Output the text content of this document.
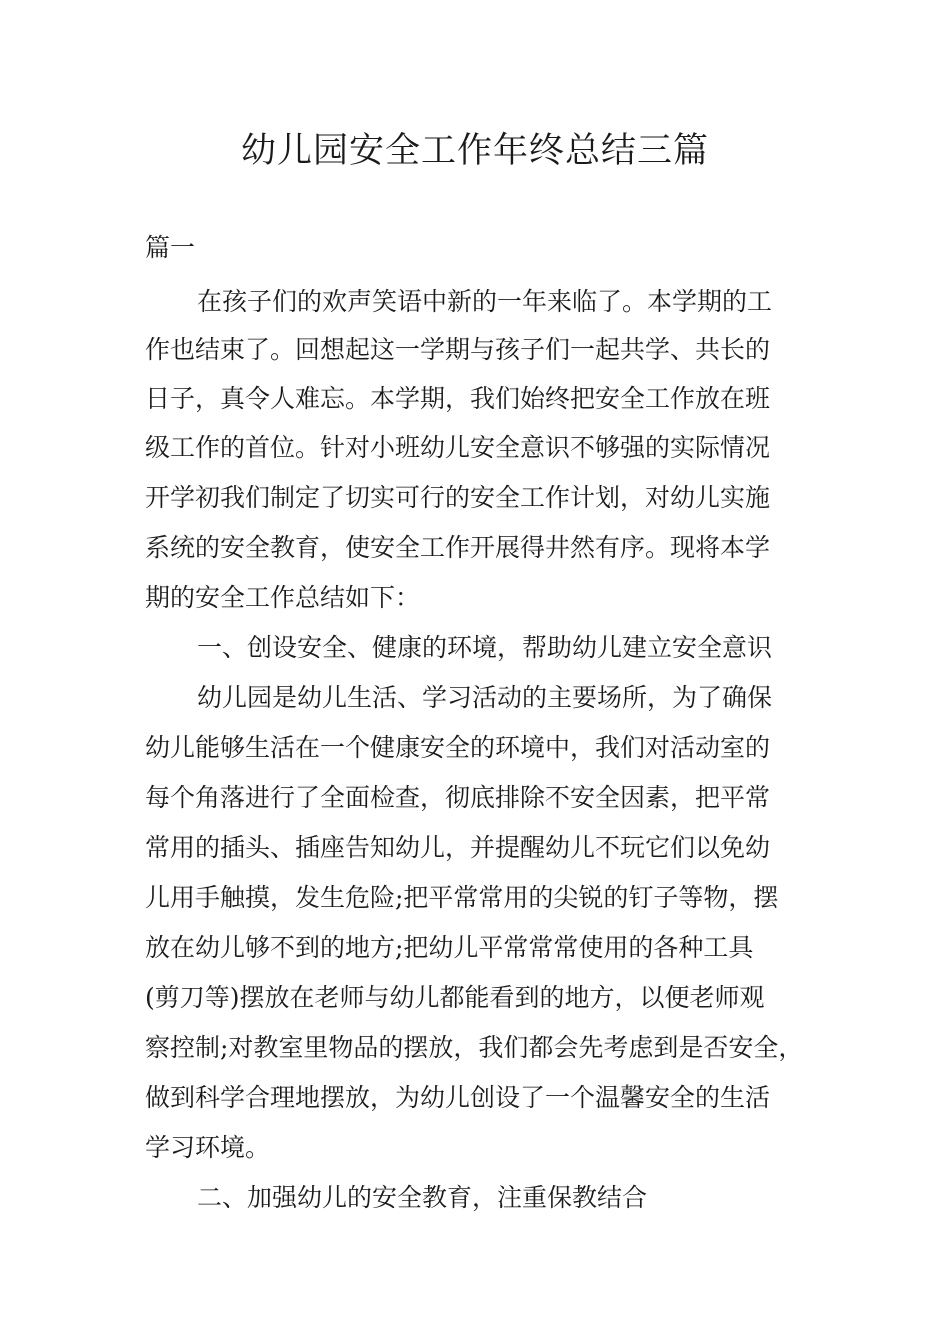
幼儿园安全工作年终总结三篇

篇一

在孩子们的欢声笑语中新的一年来临了。本学期的工

作也结束了。回想起这一学期与孩子们一起共学、共长的

日子，真令人难忘。本学期，我们始终把安全工作放在班

级工作的首位。针对小班幼儿安全意识不够强的实际情况

开学初我们制定了切实可行的安全工作计划，对幼儿实施

系统的安全教育，使安全工作开展得井然有序。现将本学

期的安全工作总结如下：

一、创设安全、健康的环境，帮助幼儿建立安全意识

幼儿园是幼儿生活、学习活动的主要场所，为了确保

幼儿能够生活在一个健康安全的环境中，我们对活动室的

每个角落进行了全面检查，彻底排除不安全因素，把平常

常用的插头、插座告知幼儿，并提醒幼儿不玩它们以免幼

儿用手触摸，发生危险;把平常常用的尖锐的钉子等物，摆

放在幼儿够不到的地方;把幼儿平常常常使用的各种工具

(剪刀等)摆放在老师与幼儿都能看到的地方，以便老师观

察控制;对教室里物品的摆放，我们都会先考虑到是否安全，

做到科学合理地摆放，为幼儿创设了一个温馨安全的生活

学习环境。

二、加强幼儿的安全教育，注重保教结合
